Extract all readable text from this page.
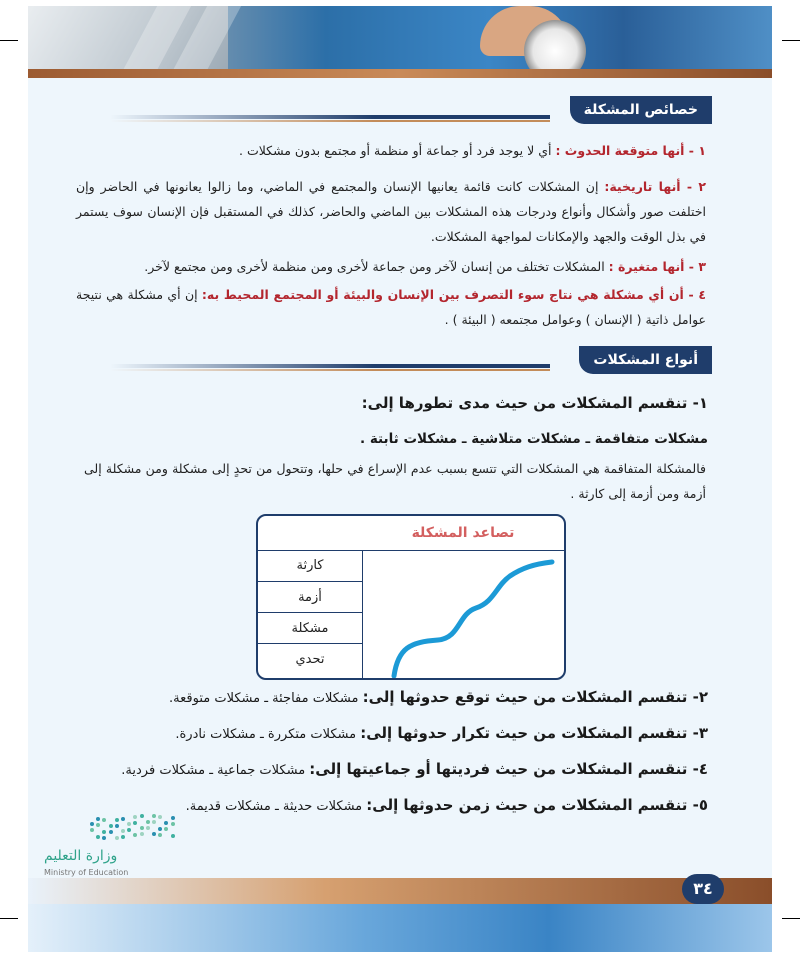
خصائص المشكلة
١ - أنها متوقعة الحدوث : أي لا يوجد فرد أو جماعة أو منظمة أو مجتمع بدون مشكلات .
٢ - أنها تاريخية: إن المشكلات كانت قائمة يعانيها الإنسان والمجتمع في الماضي، وما زالوا يعانونها في الحاضر وإن اختلفت صور وأشكال وأنواع ودرجات هذه المشكلات بين الماضي والحاضر، كذلك في المستقبل فإن الإنسان سوف يستمر في بذل الوقت والجهد والإمكانات لمواجهة المشكلات.
٣ - أنها متغيرة : المشكلات تختلف من إنسان لآخر ومن جماعة لأخرى ومن منظمة لأخرى ومن مجتمع لآخر.
٤ - أن أي مشكلة هي نتاج سوء التصرف بين الإنسان والبيئة أو المجتمع المحيط به: إن أي مشكلة هي نتيجة عوامل ذاتية ( الإنسان ) وعوامل مجتمعه ( البيئة ) .
أنواع المشكلات
١- تنقسم المشكلات من حيث مدى تطورها إلى:
مشكلات متفاقمة ـ مشكلات متلاشية ـ مشكلات ثابتة .
فالمشكلة المتفاقمة هي المشكلات التي تتسع بسبب عدم الإسراع في حلها، وتتحول من تحدٍ إلى مشكلة ومن مشكلة إلى أزمة ومن أزمة إلى كارثة .
تصاعد المشكلة
كارثة
أزمة
مشكلة
تحدي
٢- تنقسم المشكلات من حيث توقع حدوثها إلى: مشكلات مفاجئة ـ مشكلات متوقعة.
٣- تنقسم المشكلات من حيث تكرار حدوثها إلى: مشكلات متكررة ـ مشكلات نادرة.
٤- تنقسم المشكلات من حيث فرديتها أو جماعيتها إلى: مشكلات جماعية ـ مشكلات فردية.
٥- تنقسم المشكلات من حيث زمن حدوثها إلى: مشكلات حديثة ـ مشكلات قديمة.
وزارة التعليم
Ministry of Education
٣٤
